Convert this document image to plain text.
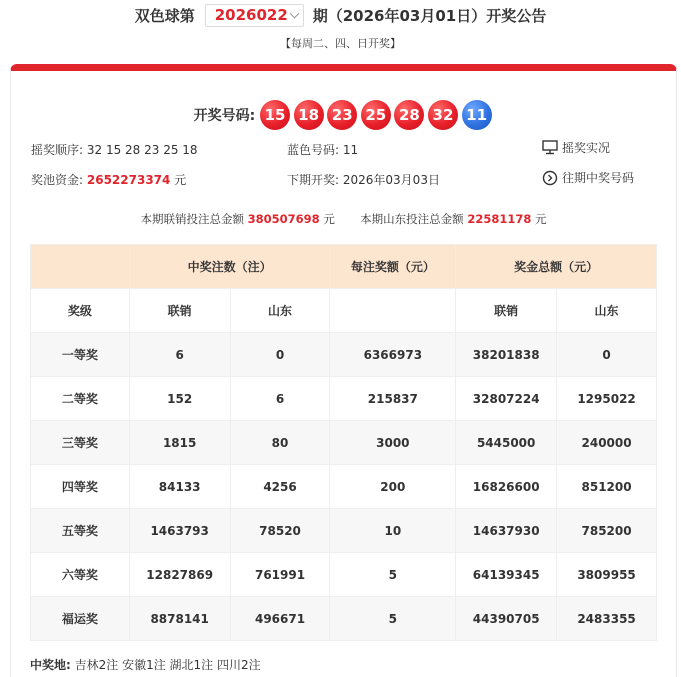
双色球第 2026022 期（2026年03月01日）开奖公告
【每周二、四、日开奖】
开奖号码: 15 18 23 25 28 32 11
摇奖顺序: 32 15 28 23 25 18	蓝色号码: 11	摇奖实况
奖池资金: 2652273374 元	下期开奖: 2026年03月03日	往期中奖号码
本期联销投注总金额 380507698 元 本期山东投注总金额 22581178 元
	中奖注数（注）		每注奖额（元）	奖金总额（元）	
奖级	联销	山东		联销	山东
一等奖	6	0	6366973	38201838	0
二等奖	152	6	215837	32807224	1295022
三等奖	1815	80	3000	5445000	240000
四等奖	84133	4256	200	16826600	851200
五等奖	1463793	78520	10	14637930	785200
六等奖	12827869	761991	5	64139345	3809955
福运奖	8878141	496671	5	44390705	2483355
中奖地: 吉林2注 安徽1注 湖北1注 四川2注
